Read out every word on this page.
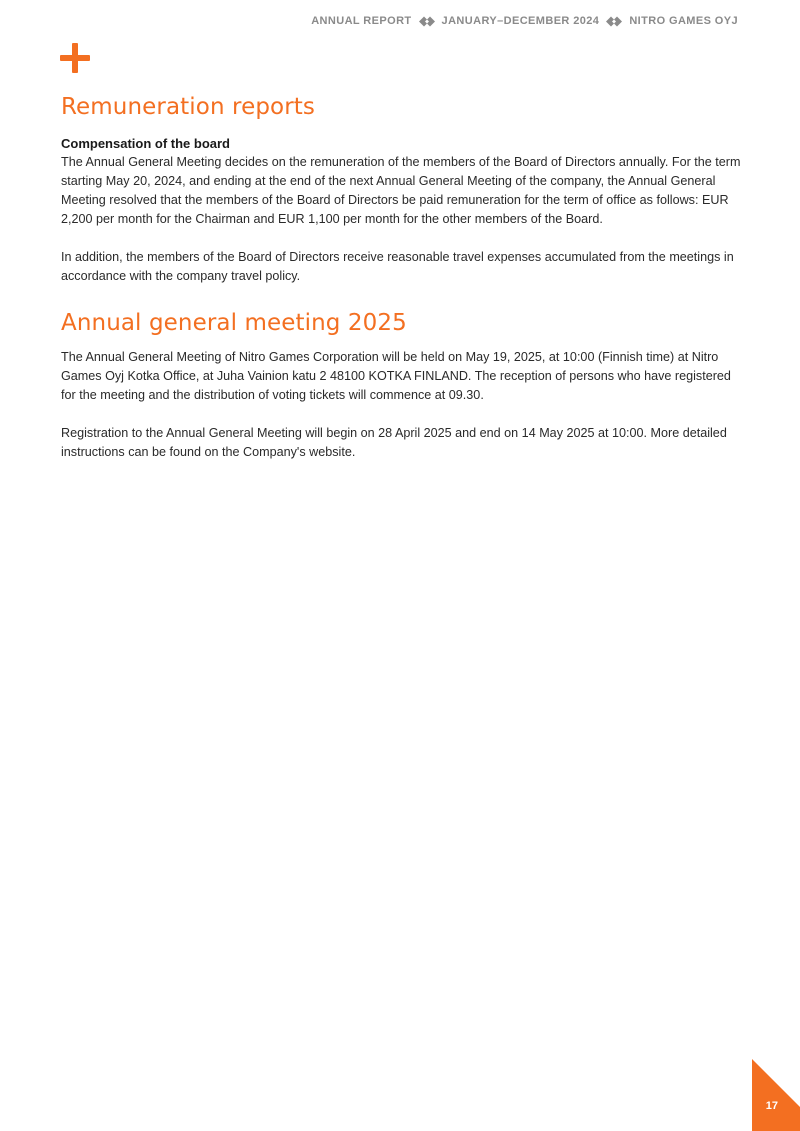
ANNUAL REPORT	JANUARY–DECEMBER 2024	NITRO GAMES OYJ
Remuneration reports
Compensation of the board

The Annual General Meeting decides on the remuneration of the members of the Board of Directors annually. For the term starting May 20, 2024, and ending at the end of the next Annual General Meeting of the company, the Annual General Meeting resolved that the members of the Board of Directors be paid remuneration for the term of office as follows: EUR 2,200 per month for the Chairman and EUR 1,100 per month for the other members of the Board.

In addition, the members of the Board of Directors receive reasonable travel expenses accumulated from the meetings in accordance with the company travel policy.

Annual general meeting 2025

The Annual General Meeting of Nitro Games Corporation will be held on May 19, 2025, at 10:00 (Finnish time) at Nitro Games Oyj Kotka Office, at Juha Vainion katu 2 48100 KOTKA FINLAND. The reception of persons who have registered for the meeting and the distribution of voting tickets will commence at 09.30.

Registration to the Annual General Meeting will begin on 28 April 2025 and end on 14 May 2025 at 10:00. More detailed instructions can be found on the Company's website.

17
